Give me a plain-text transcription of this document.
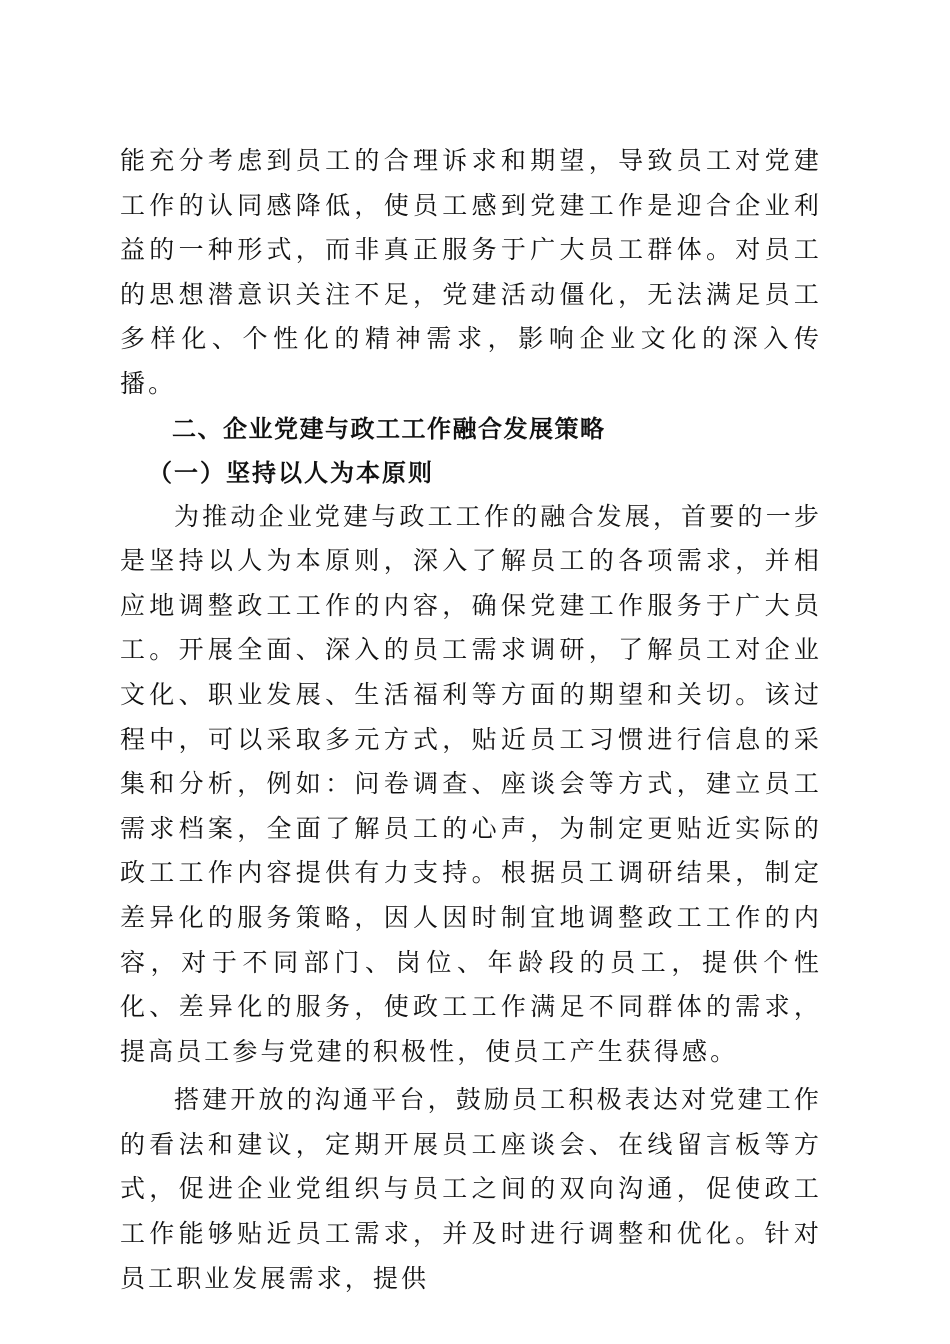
能充分考虑到员工的合理诉求和期望，导致员工对党建工作的认同感降低，使员工感到党建工作是迎合企业利益的一种形式，而非真正服务于广大员工群体。对员工的思想潜意识关注不足，党建活动僵化，无法满足员工多样化、个性化的精神需求，影响企业文化的深入传播。

二、企业党建与政工工作融合发展策略
（一）坚持以人为本原则

为推动企业党建与政工工作的融合发展，首要的一步是坚持以人为本原则，深入了解员工的各项需求，并相应地调整政工工作的内容，确保党建工作服务于广大员工。开展全面、深入的员工需求调研，了解员工对企业文化、职业发展、生活福利等方面的期望和关切。该过程中，可以采取多元方式，贴近员工习惯进行信息的采集和分析，例如：问卷调查、座谈会等方式，建立员工需求档案，全面了解员工的心声，为制定更贴近实际的政工工作内容提供有力支持。根据员工调研结果，制定差异化的服务策略，因人因时制宜地调整政工工作的内容，对于不同部门、岗位、年龄段的员工，提供个性化、差异化的服务，使政工工作满足不同群体的需求，提高员工参与党建的积极性，使员工产生获得感。

搭建开放的沟通平台，鼓励员工积极表达对党建工作的看法和建议，定期开展员工座谈会、在线留言板等方式，促进企业党组织与员工之间的双向沟通，促使政工工作能够贴近员工需求，并及时进行调整和优化。针对员工职业发展需求，提供
